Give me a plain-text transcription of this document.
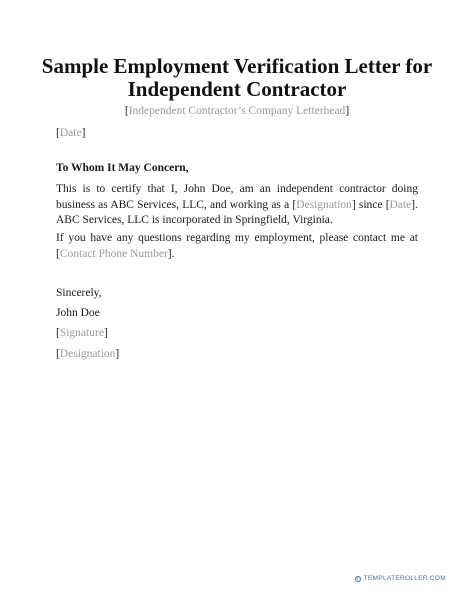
Sample Employment Verification Letter for
Independent Contractor
[Independent Contractor’s Company Letterhead]
[Date]
To Whom It May Concern,
This is to certify that I, John Doe, am an independent contractor doing business as ABC Services, LLC, and working as a [Designation] since [Date]. ABC Services, LLC is incorporated in Springfield, Virginia.
If you have any questions regarding my employment, please contact me at [Contact Phone Number].
Sincerely,
John Doe
[Signature]
[Designation]
© TEMPLATEROLLER.COM
